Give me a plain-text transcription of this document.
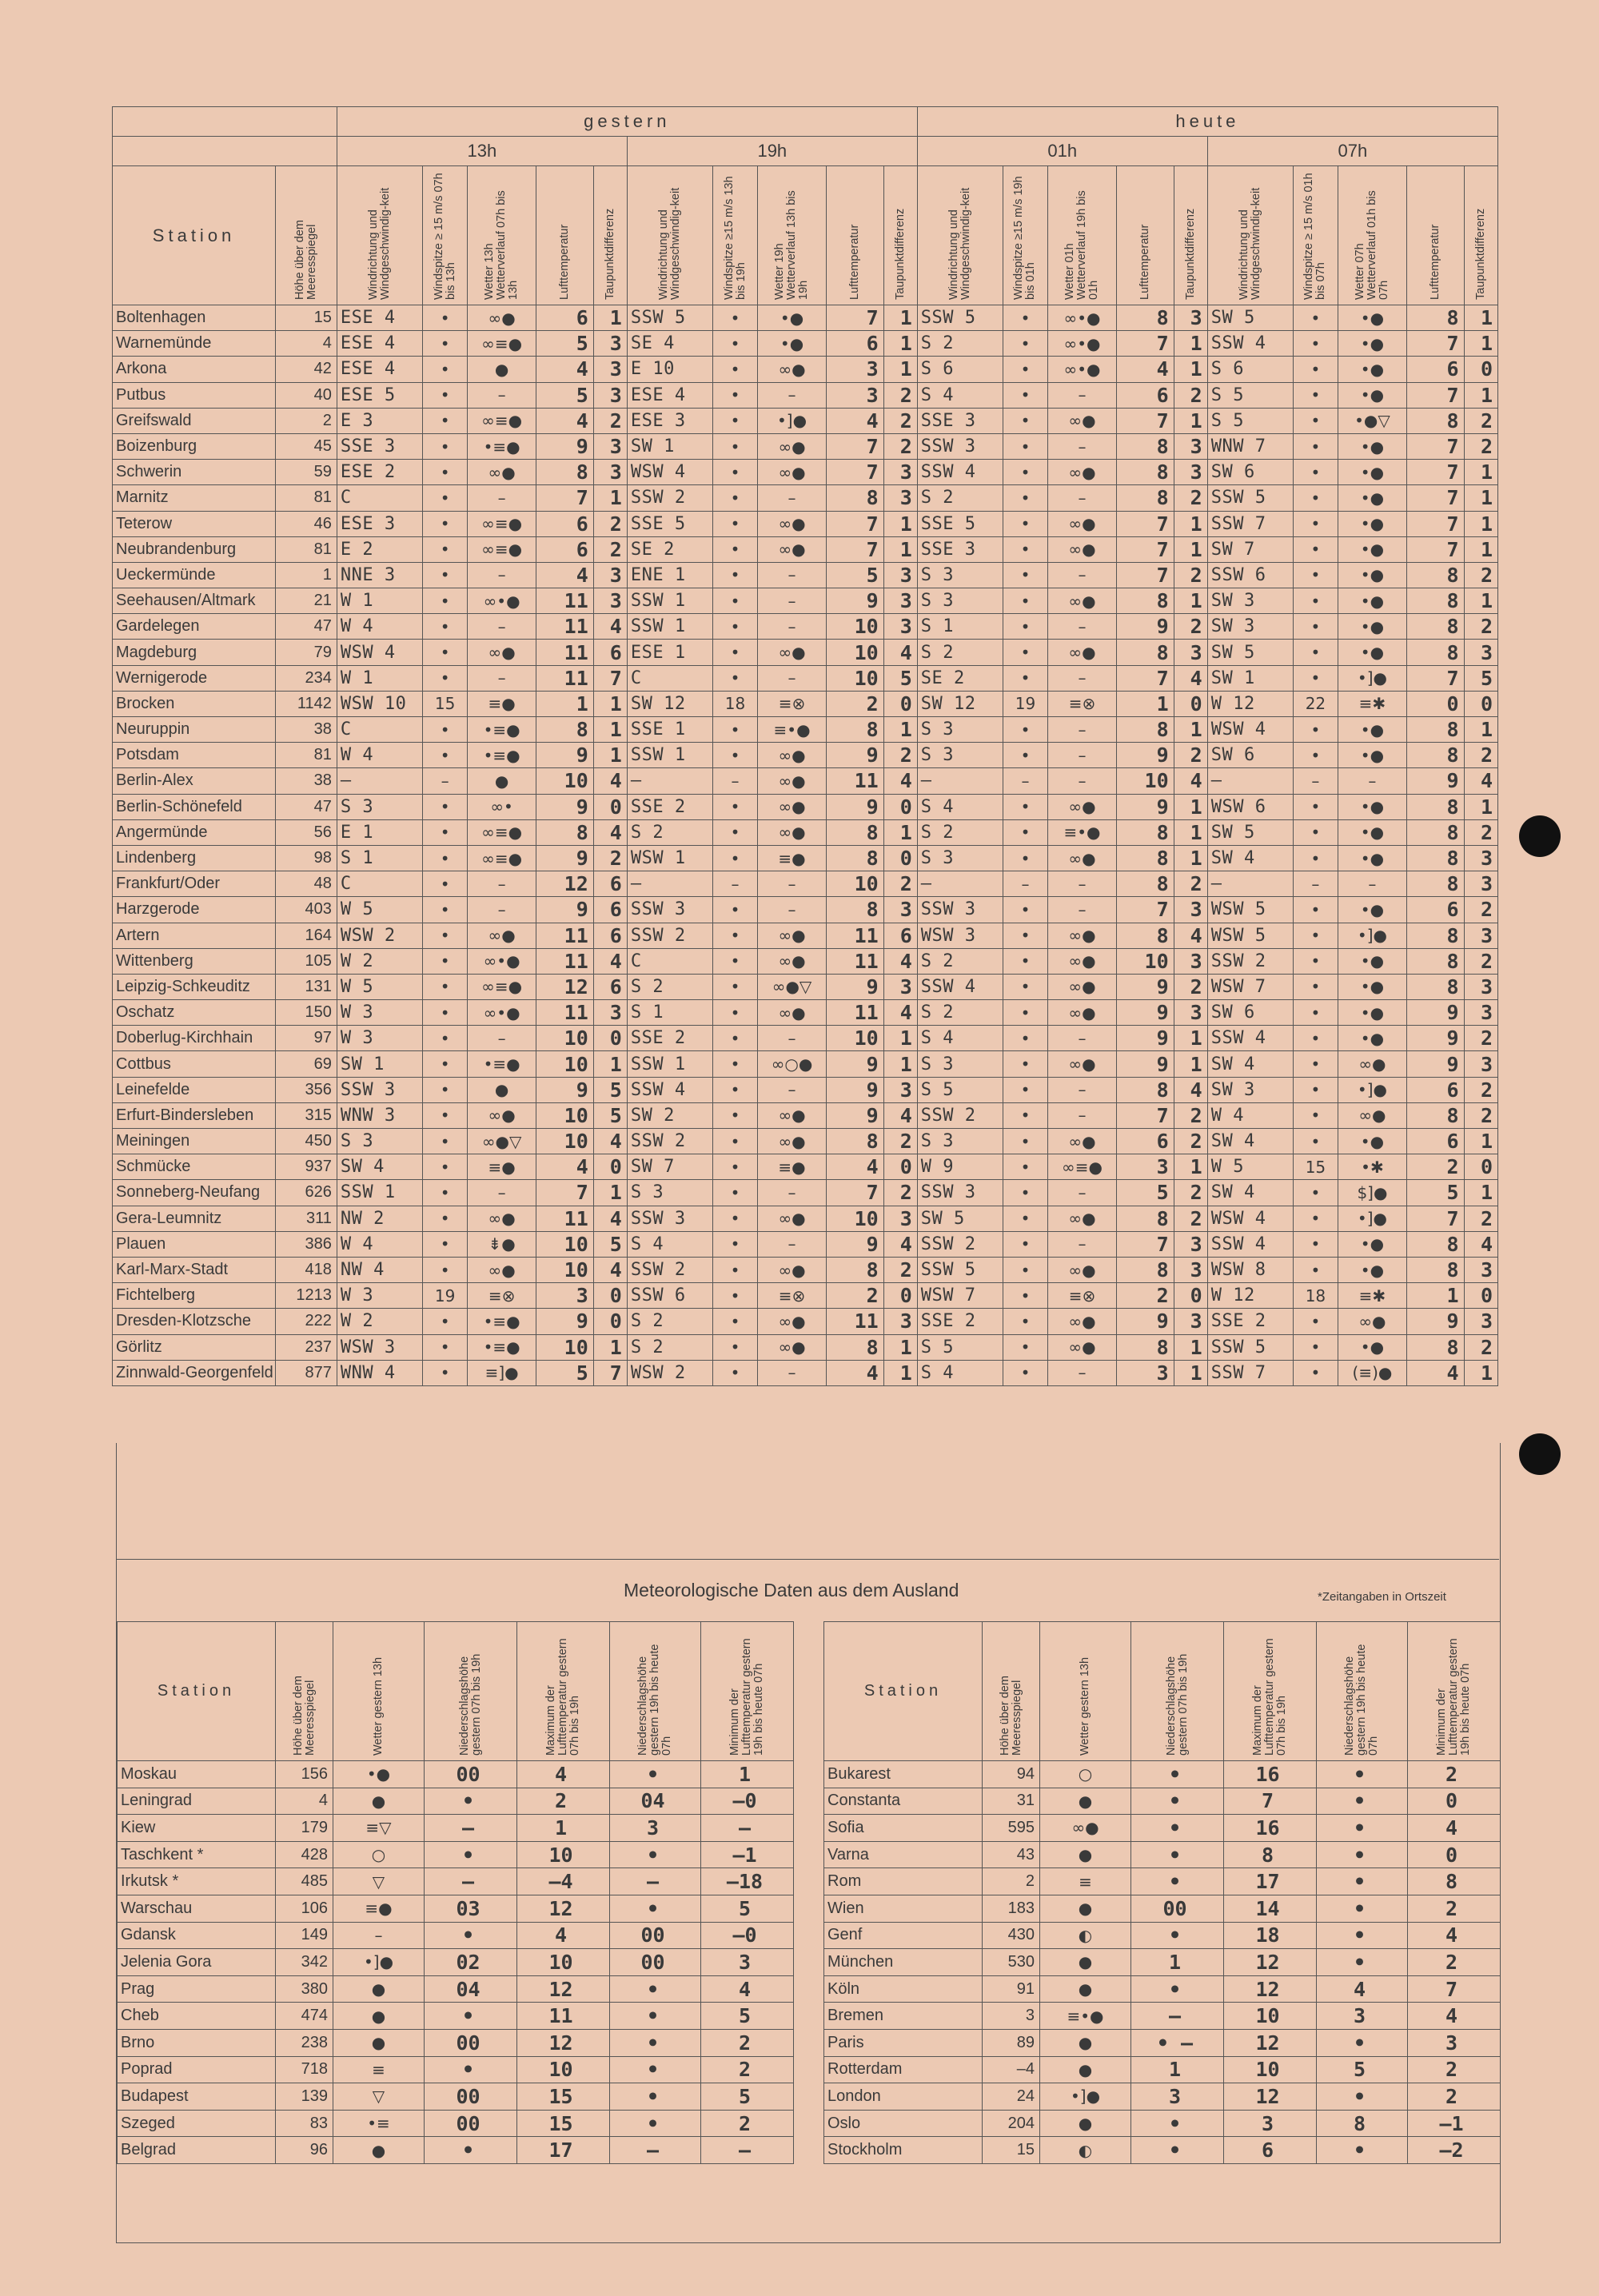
		gestern										heute									
		13h					19h					01h					07h				
Station	Höhe über dem Meeresspiegel	Windrichtung und Windgeschwindig-keit	Windspitze ≥ 15 m/s 07h bis 13h	Wetter 13h Wetterverlauf 07h bis 13h	Lufttemperatur	Taupunktdifferenz	Windrichtung und Windgeschwindig-keit	Windspitze ≥15 m/s 13h bis 19h	Wetter 19h Wetterverlauf 13h bis 19h	Lufttemperatur	Taupunktdifferenz	Windrichtung und Windgeschwindig-keit	Windspitze ≥15 m/s 19h bis 01h	Wetter 01h Wetterverlauf 19h bis 01h	Lufttemperatur	Taupunktdifferenz	Windrichtung und Windgeschwindig-keit	Windspitze ≥ 15 m/s 01h bis 07h	Wetter 07h Wetterverlauf 01h bis 07h	Lufttemperatur	Taupunktdifferenz

Boltenhagen	15	ESE 4	•	∞●	6	1	SSW 5	•	•●	7	1	SSW 5	•	∞•●	8	3	SW 5	•	•●	8	1
Warnemünde	4	ESE 4	•	∞≡●	5	3	SE 4	•	•●	6	1	S 2	•	∞•●	7	1	SSW 4	•	•●	7	1
Arkona	42	ESE 4	•	●	4	3	E 10	•	∞●	3	1	S 6	•	∞•●	4	1	S 6	•	•●	6	0
Putbus	40	ESE 5	•	–	5	3	ESE 4	•	–	3	2	S 4	•	–	6	2	S 5	•	•●	7	1
Greifswald	2	E 3	•	∞≡●	4	2	ESE 3	•	•]●	4	2	SSE 3	•	∞●	7	1	S 5	•	•●▽	8	2
Boizenburg	45	SSE 3	•	•≡●	9	3	SW 1	•	∞●	7	2	SSW 3	•	–	8	3	WNW 7	•	•●	7	2
Schwerin	59	ESE 2	•	∞●	8	3	WSW 4	•	∞●	7	3	SSW 4	•	∞●	8	3	SW 6	•	•●	7	1
Marnitz	81	C	•	–	7	1	SSW 2	•	–	8	3	S 2	•	–	8	2	SSW 5	•	•●	7	1
Teterow	46	ESE 3	•	∞≡●	6	2	SSE 5	•	∞●	7	1	SSE 5	•	∞●	7	1	SSW 7	•	•●	7	1
Neubrandenburg	81	E 2	•	∞≡●	6	2	SE 2	•	∞●	7	1	SSE 3	•	∞●	7	1	SW 7	•	•●	7	1
Ueckermünde	1	NNE 3	•	–	4	3	ENE 1	•	–	5	3	S 3	•	–	7	2	SSW 6	•	•●	8	2
Seehausen/Altmark	21	W 1	•	∞•●	11	3	SSW 1	•	–	9	3	S 3	•	∞●	8	1	SW 3	•	•●	8	1
Gardelegen	47	W 4	•	–	11	4	SSW 1	•	–	10	3	S 1	•	–	9	2	SW 3	•	•●	8	2
Magdeburg	79	WSW 4	•	∞●	11	6	ESE 1	•	∞●	10	4	S 2	•	∞●	8	3	SW 5	•	•●	8	3
Wernigerode	234	W 1	•	–	11	7	C	•	–	10	5	SE 2	•	–	7	4	SW 1	•	•]●	7	5
Brocken	1142	WSW 10	15	≡●	1	1	SW 12	18	≡⊗	2	0	SW 12	19	≡⊗	1	0	W 12	22	≡✱	0	0
Neuruppin	38	C	•	•≡●	8	1	SSE 1	•	≡•●	8	1	S 3	•	–	8	1	WSW 4	•	•●	8	1
Potsdam	81	W 4	•	•≡●	9	1	SSW 1	•	∞●	9	2	S 3	•	–	9	2	SW 6	•	•●	8	2
Berlin-Alex	38	–	–	●	10	4	–	–	∞●	11	4	–	–	–	10	4	–	–	–	9	4
Berlin-Schönefeld	47	S 3	•	∞•	9	0	SSE 2	•	∞●	9	0	S 4	•	∞●	9	1	WSW 6	•	•●	8	1
Angermünde	56	E 1	•	∞≡●	8	4	S 2	•	∞●	8	1	S 2	•	≡•●	8	1	SW 5	•	•●	8	2
Lindenberg	98	S 1	•	∞≡●	9	2	WSW 1	•	≡●	8	0	S 3	•	∞●	8	1	SW 4	•	•●	8	3
Frankfurt/Oder	48	C	•	–	12	6	–	–	–	10	2	–	–	–	8	2	–	–	–	8	3
Harzgerode	403	W 5	•	–	9	6	SSW 3	•	–	8	3	SSW 3	•	–	7	3	WSW 5	•	•●	6	2
Artern	164	WSW 2	•	∞●	11	6	SSW 2	•	∞●	11	6	WSW 3	•	∞●	8	4	WSW 5	•	•]●	8	3
Wittenberg	105	W 2	•	∞•●	11	4	C	•	∞●	11	4	S 2	•	∞●	10	3	SSW 2	•	•●	8	2
Leipzig-Schkeuditz	131	W 5	•	∞≡●	12	6	S 2	•	∞●▽	9	3	SSW 4	•	∞●	9	2	WSW 7	•	•●	8	3
Oschatz	150	W 3	•	∞•●	11	3	S 1	•	∞●	11	4	S 2	•	∞●	9	3	SW 6	•	•●	9	3
Doberlug-Kirchhain	97	W 3	•	–	10	0	SSE 2	•	–	10	1	S 4	•	–	9	1	SSW 4	•	•●	9	2
Cottbus	69	SW 1	•	•≡●	10	1	SSW 1	•	∞○●	9	1	S 3	•	∞●	9	1	SW 4	•	∞●	9	3
Leinefelde	356	SSW 3	•	●	9	5	SSW 4	•	–	9	3	S 5	•	–	8	4	SW 3	•	•]●	6	2
Erfurt-Bindersleben	315	WNW 3	•	∞●	10	5	SW 2	•	∞●	9	4	SSW 2	•	–	7	2	W 4	•	∞●	8	2
Meiningen	450	S 3	•	∞●▽	10	4	SSW 2	•	∞●	8	2	S 3	•	∞●	6	2	SW 4	•	•●	6	1
Schmücke	937	SW 4	•	≡●	4	0	SW 7	•	≡●	4	0	W 9	•	∞≡●	3	1	W 5	15	•✱	2	0
Sonneberg-Neufang	626	SSW 1	•	–	7	1	S 3	•	–	7	2	SSW 3	•	–	5	2	SW 4	•	$]●	5	1
Gera-Leumnitz	311	NW 2	•	∞●	11	4	SSW 3	•	∞●	10	3	SW 5	•	∞●	8	2	WSW 4	•	•]●	7	2
Plauen	386	W 4	•	⇟●	10	5	S 4	•	–	9	4	SSW 2	•	–	7	3	SSW 4	•	•●	8	4
Karl-Marx-Stadt	418	NW 4	•	∞●	10	4	SSW 2	•	∞●	8	2	SSW 5	•	∞●	8	3	WSW 8	•	•●	8	3
Fichtelberg	1213	W 3	19	≡⊗	3	0	SSW 6	•	≡⊗	2	0	WSW 7	•	≡⊗	2	0	W 12	18	≡✱	1	0
Dresden-Klotzsche	222	W 2	•	•≡●	9	0	S 2	•	∞●	11	3	SSE 2	•	∞●	9	3	SSE 2	•	∞●	9	3
Görlitz	237	WSW 3	•	•≡●	10	1	S 2	•	∞●	8	1	S 5	•	∞●	8	1	SSW 5	•	•●	8	2
Zinnwald-Georgenfeld	877	WNW 4	•	≡]●	5	7	WSW 2	•	–	4	1	S 4	•	–	3	1	SSW 7	•	(≡)●	4	1
Meteorologische Daten aus dem Ausland	*Zeitangaben in Ortszeit
Station	Höhe über dem Meeresspiegel	Wetter gestern 13h	Niederschlagshöhe gestern 07h bis 19h	Maximum der Lufttemperatur gestern 07h bis 19h	Niederschlagshöhe gestern 19h bis heute 07h	Minimum der Lufttemperatur gestern 19h bis heute 07h

Moskau	156	•●	00	4	•	1
Leningrad	4	●	•	2	04	–0
Kiew	179	≡▽	–	1	3	–
Taschkent *	428	○	•	10	•	–1
Irkutsk *	485	▽	–	–4	–	–18
Warschau	106	≡●	03	12	•	5
Gdansk	149	–	•	4	00	–0
Jelenia Gora	342	•]●	02	10	00	3
Prag	380	●	04	12	•	4
Cheb	474	●	•	11	•	5
Brno	238	●	00	12	•	2
Poprad	718	≡	•	10	•	2
Budapest	139	▽	00	15	•	5
Szeged	83	•≡	00	15	•	2
Belgrad	96	●	•	17	–	–
Station	Höhe über dem Meeresspiegel	Wetter gestern 13h	Niederschlagshöhe gestern 07h bis 19h	Maximum der Lufttemperatur gestern 07h bis 19h	Niederschlagshöhe gestern 19h bis heute 07h	Minimum der Lufttemperatur gestern 19h bis heute 07h

Bukarest	94	○	•	16	•	2
Constanta	31	●	•	7	•	0
Sofia	595	∞●	•	16	•	4
Varna	43	●	•	8	•	0
Rom	2	≡	•	17	•	8
Wien	183	●	00	14	•	2
Genf	430	◐	•	18	•	4
München	530	●	1	12	•	2
Köln	91	●	•	12	4	7
Bremen	3	≡•●	–	10	3	4
Paris	89	●	• –	12	•	3
Rotterdam	–4	●	1	10	5	2
London	24	•]●	3	12	•	2
Oslo	204	●	•	3	8	–1
Stockholm	15	◐	•	6	•	–2
